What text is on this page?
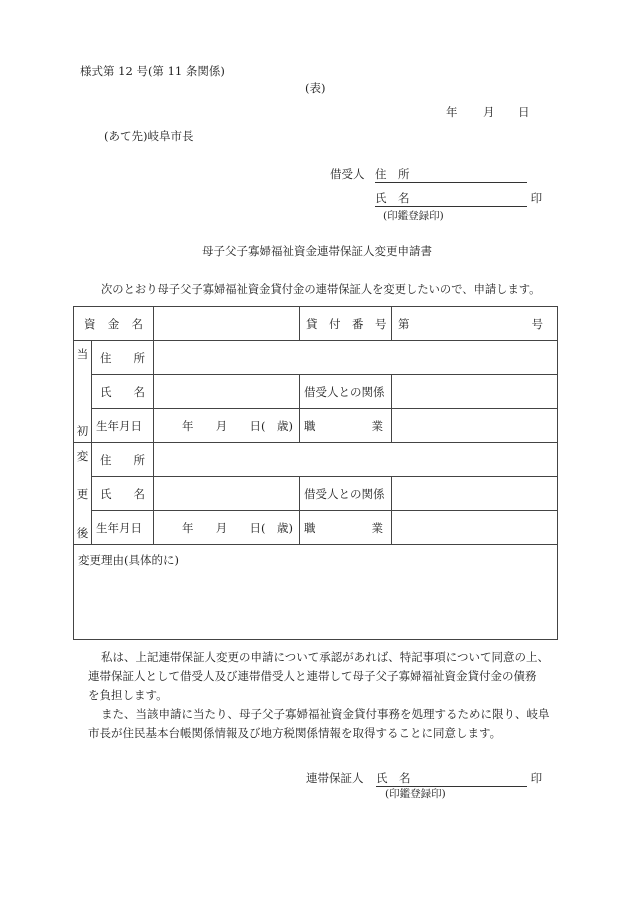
様式第 12 号(第 11 条関係)
(表)
年 月 日
(あて先)岐阜市長
借受人 住　所
氏　名	印
(印鑑登録印)
母子父子寡婦福祉資金連帯保証人変更申請書
次のとおり母子父子寡婦福祉資金貸付金の連帯保証人を変更したいので、申請します。
資　金　名			貸　付　番　号	第 号

当
初	住　所			

	氏　名		借受人との関係	
	生年月日	年 月 日(　歳)	職　　業	

変
更
後	住　所			

	氏　名		借受人との関係	
	生年月日	年 月 日(　歳)	職　　業	

変更理由(具体的に)				
私は、上記連帯保証人変更の申請について承認があれば、特記事項について同意の上、
連帯保証人として借受人及び連帯借受人と連帯して母子父子寡婦福祉資金貸付金の債務
を負担します。
また、当該申請に当たり、母子父子寡婦福祉資金貸付事務を処理するために限り、岐阜
市長が住民基本台帳関係情報及び地方税関係情報を取得することに同意します。
連帯保証人 氏　名	印
(印鑑登録印)
